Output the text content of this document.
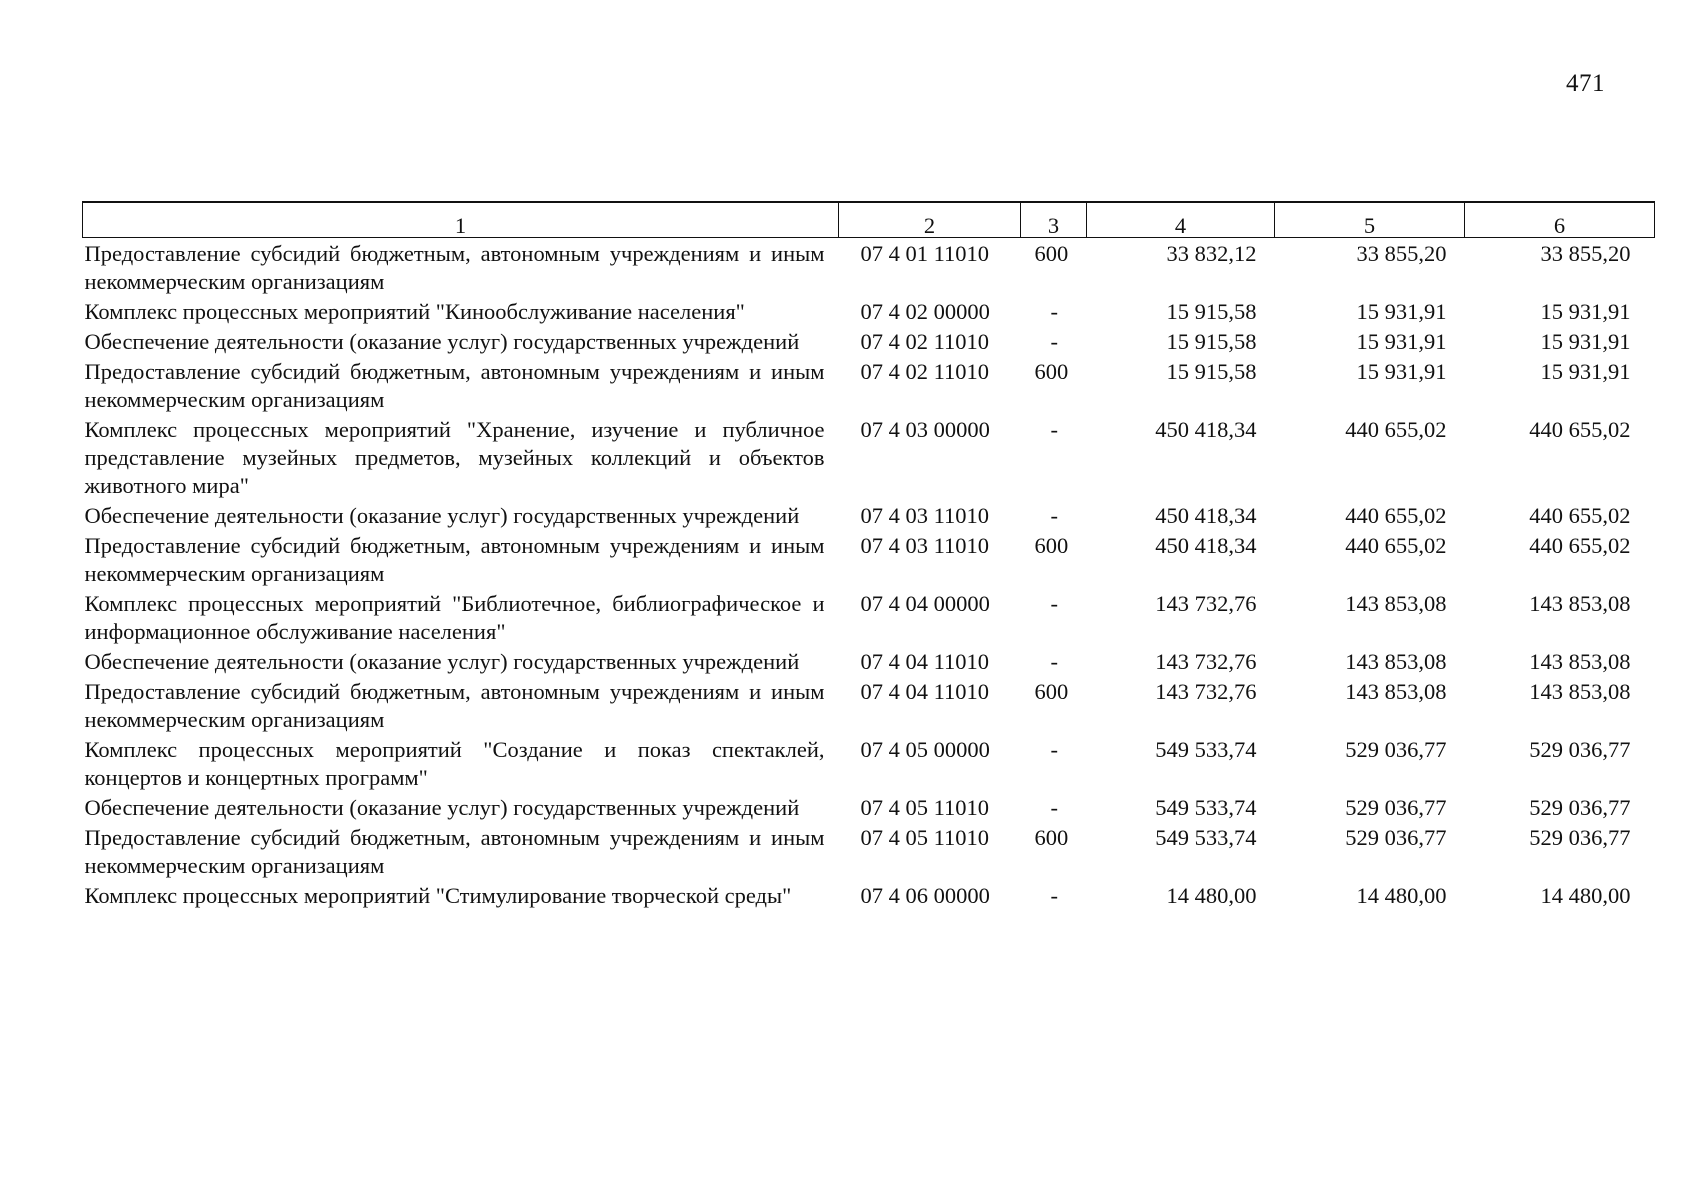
471
1	2	3	4	5	6
Предоставление субсидий бюджетным, автономным учреждениям и иным некоммерческим организациям	07 4 01 11010	600	33 832,12	33 855,20	33 855,20
Комплекс процессных мероприятий "Кинообслуживание населения"	07 4 02 00000	-	15 915,58	15 931,91	15 931,91
Обеспечение деятельности (оказание услуг) государственных учреждений	07 4 02 11010	-	15 915,58	15 931,91	15 931,91
Предоставление субсидий бюджетным, автономным учреждениям и иным некоммерческим организациям	07 4 02 11010	600	15 915,58	15 931,91	15 931,91
Комплекс процессных мероприятий "Хранение, изучение и публичное представление музейных предметов, музейных коллекций и объектов животного мира"	07 4 03 00000	-	450 418,34	440 655,02	440 655,02
Обеспечение деятельности (оказание услуг) государственных учреждений	07 4 03 11010	-	450 418,34	440 655,02	440 655,02
Предоставление субсидий бюджетным, автономным учреждениям и иным некоммерческим организациям	07 4 03 11010	600	450 418,34	440 655,02	440 655,02
Комплекс процессных мероприятий "Библиотечное, библиографическое и информационное обслуживание населения"	07 4 04 00000	-	143 732,76	143 853,08	143 853,08
Обеспечение деятельности (оказание услуг) государственных учреждений	07 4 04 11010	-	143 732,76	143 853,08	143 853,08
Предоставление субсидий бюджетным, автономным учреждениям и иным некоммерческим организациям	07 4 04 11010	600	143 732,76	143 853,08	143 853,08
Комплекс процессных мероприятий "Создание и показ спектаклей, концертов и концертных программ"	07 4 05 00000	-	549 533,74	529 036,77	529 036,77
Обеспечение деятельности (оказание услуг) государственных учреждений	07 4 05 11010	-	549 533,74	529 036,77	529 036,77
Предоставление субсидий бюджетным, автономным учреждениям и иным некоммерческим организациям	07 4 05 11010	600	549 533,74	529 036,77	529 036,77
Комплекс процессных мероприятий "Стимулирование творческой среды"	07 4 06 00000	-	14 480,00	14 480,00	14 480,00
